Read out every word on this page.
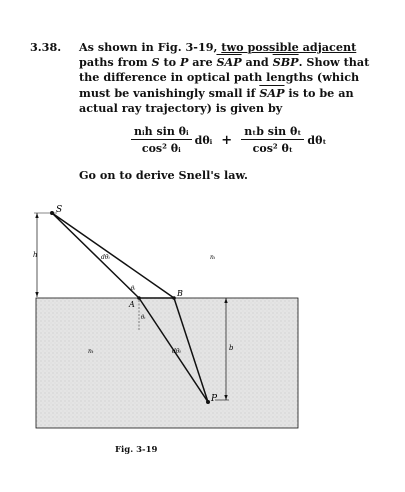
3.38. As shown in Fig. 3-19, two possible adjacent paths from S to P are $\overline{SAP}$ and $\overline{SBP}$. Show that the difference in optical path lengths (which must be vanishingly small if $\overline{SAP}$ is to be an actual ray trajectory) is given by
$\frac{\text{nᵢh sin θᵢ}}{\text{cos² θᵢ}}$ dθᵢ + $\frac{\text{nₜb sin θₜ}}{\text{cos² θₜ}}$ dθₜ
Go on to derive Snell's law.
h
b
S
P
A
B
nᵢ
nₜ
dθᵢ
θᵢ
θₜ
dθₜ
Fig. 3-19
